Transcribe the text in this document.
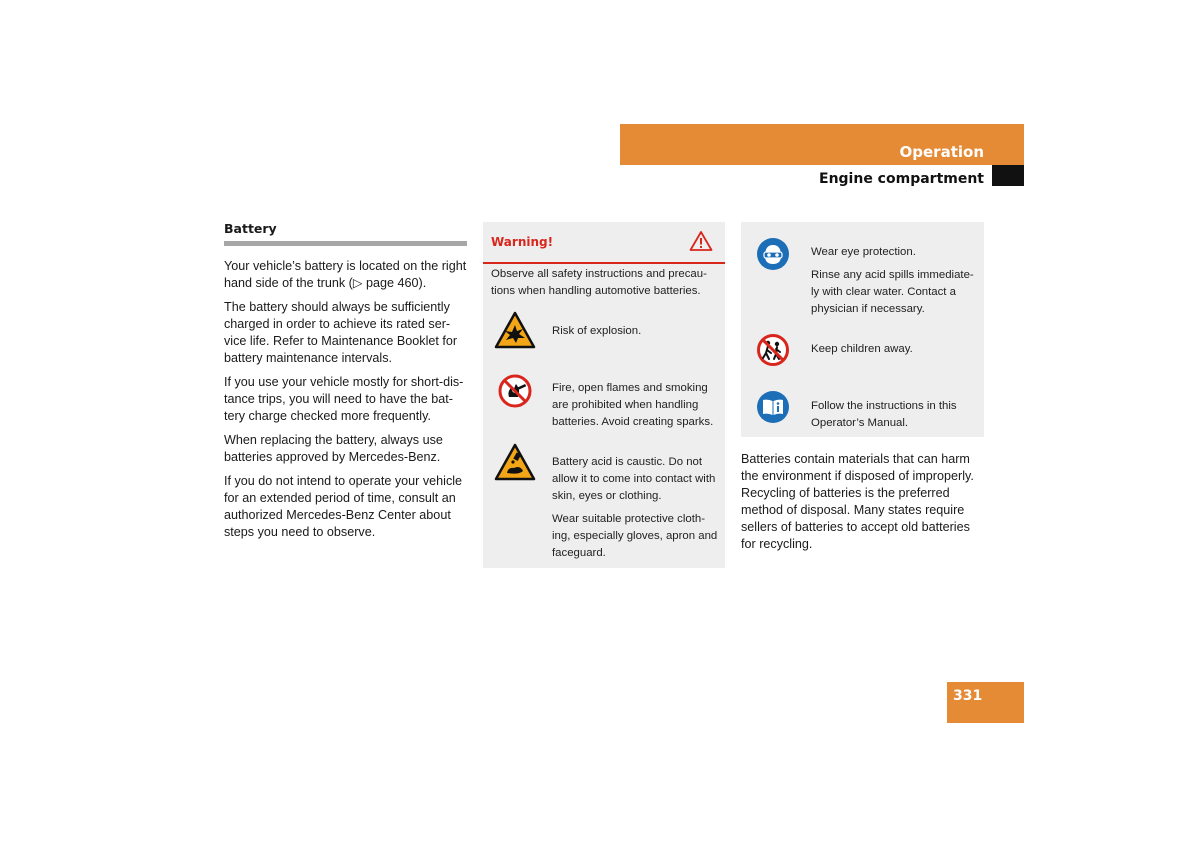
Operation
Engine compartment
Battery

Your vehicle’s battery is located on the right hand side of the trunk (▷ page 460).

The battery should always be sufficiently charged in order to achieve its rated ser-vice life. Refer to Maintenance Booklet for battery maintenance intervals.

If you use your vehicle mostly for short-dis-tance trips, you will need to have the bat-tery charge checked more frequently.

When replacing the battery, always use batteries approved by Mercedes-Benz.

If you do not intend to operate your vehicle for an extended period of time, consult an authorized Mercedes-Benz Center about steps you need to observe.

Warning!
Observe all safety instructions and precau-tions when handling automotive batteries.
Risk of explosion.
Fire, open flames and smoking are prohibited when handling batteries. Avoid creating sparks.
Battery acid is caustic. Do not allow it to come into contact with skin, eyes or clothing.
Wear suitable protective cloth-ing, especially gloves, apron and faceguard.
Wear eye protection.
Rinse any acid spills immediate-ly with clear water. Contact a physician if necessary.
Keep children away.
Follow the instructions in this Operator’s Manual.

Batteries contain materials that can harm the environment if disposed of improperly. Recycling of batteries is the preferred method of disposal. Many states require sellers of batteries to accept old batteries for recycling.

331
